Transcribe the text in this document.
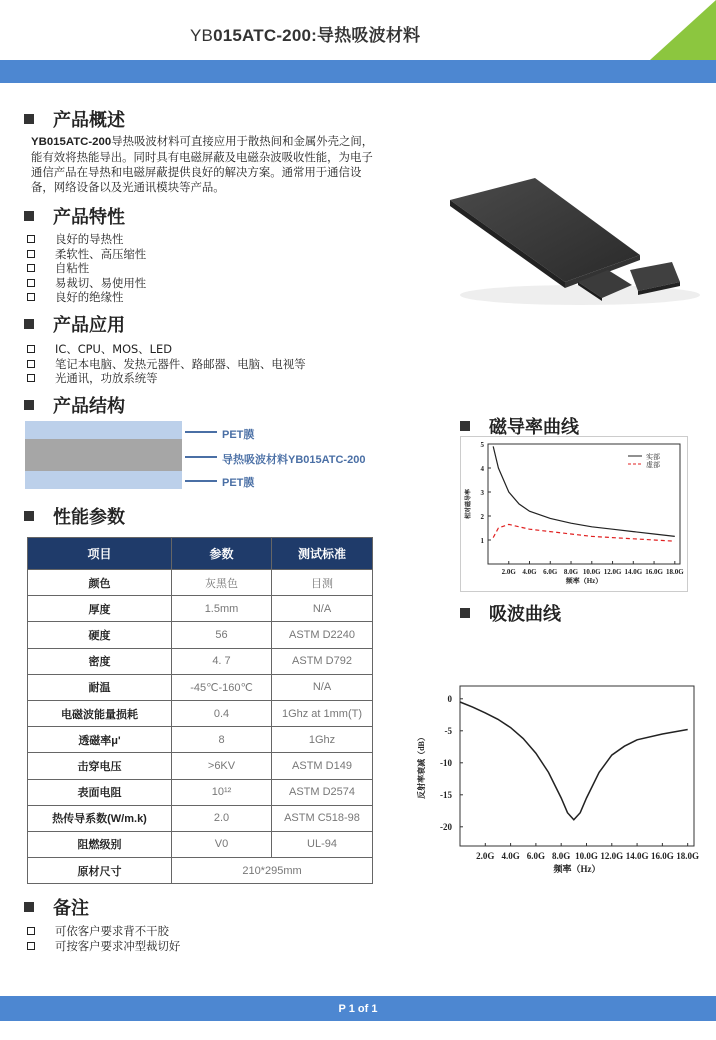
YB015ATC-200:导热吸波材料
产品概述
YB015ATC-200导热吸波材料可直接应用于散热间和金属外壳之间，能有效将热能导出。同时具有电磁屏蔽及电磁杂波吸收性能，为电子通信产品在导热和电磁屏蔽提供良好的解决方案。通常用于通信设备，网络设备以及光通讯模块等产品。
产品特性
良好的导热性
柔软性、高压缩性
自粘性
易裁切、易使用性
良好的绝缘性
产品应用
IC、CPU、MOS、LED
笔记本电脑、发热元器件、路邮器、电脑、电视等
光通讯，功放系统等
产品结构
PET膜
导热吸波材料YB015ATC-200
PET膜
性能参数
项目	参数	测试标准
颜色	灰黑色	目测
厚度	1.5mm	N/A
硬度	56	ASTM D2240
密度	4. 7	ASTM D792
耐温	-45℃-160℃	N/A
电磁波能量损耗	0.4	1Ghz at 1mm(T)
透磁率μ'	8	1Ghz
击穿电压	>6KV	ASTM D149
表面电阻	10¹²	ASTM D2574
热传导系数(W/m.k)	2.0	ASTM C518-98
阻燃级别	V0	UL-94
原材尺寸	210*295mm	
备注
可依客户要求背不干胶
可按客户要求冲型裁切好
磁导率曲线
2.0G 4.0G 6.0G 8.0G 10.0G 12.0G 14.0G 16.0G 18.0G
1
2
3
4
5
频率（Hz）
相对磁导率
实部
虚部
吸波曲线
2.0G 4.0G 6.0G 8.0G 10.0G 12.0G 14.0G 16.0G 18.0G
0
-5
-10
-15
-20
频率（Hz）
反射率衰减（dB）
P 1 of 1
